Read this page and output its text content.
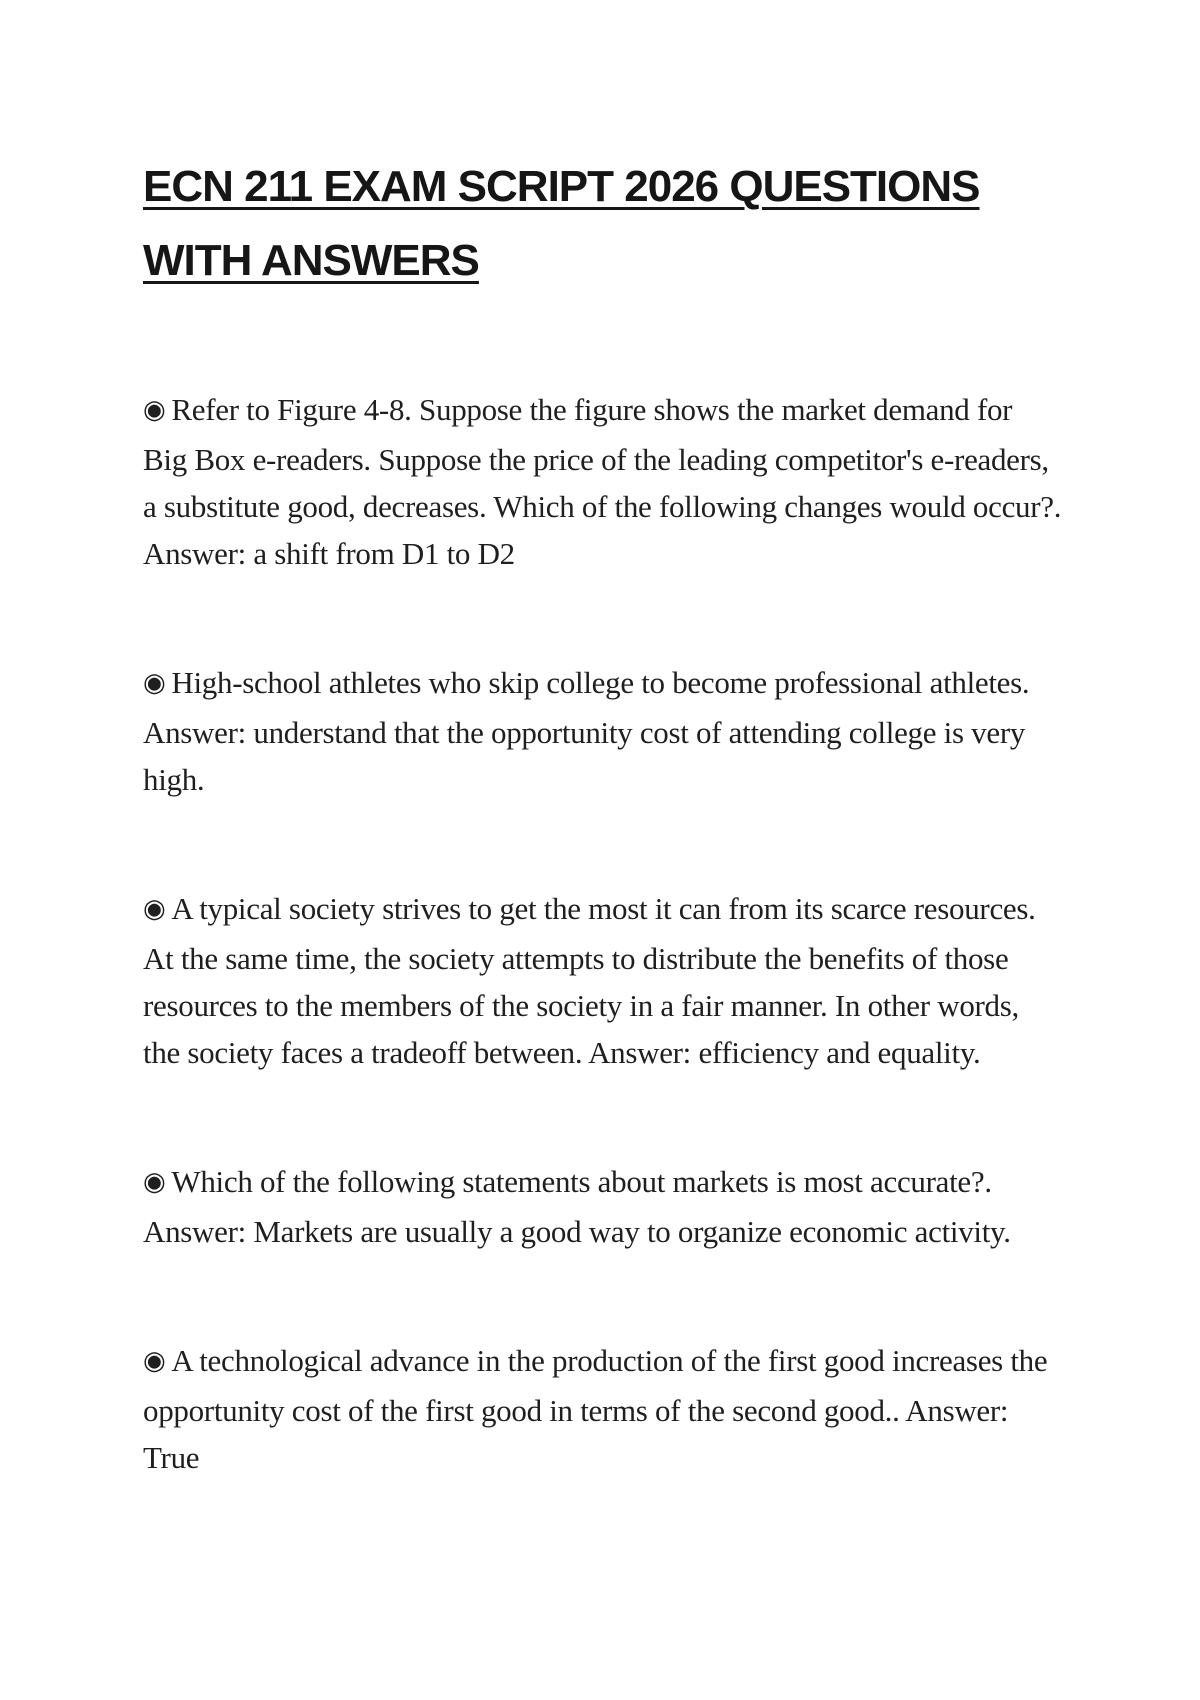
ECN 211 EXAM SCRIPT 2026 QUESTIONS WITH ANSWERS

◉ Refer to Figure 4-8. Suppose the figure shows the market demand for Big Box e-readers. Suppose the price of the leading competitor's e-readers, a substitute good, decreases. Which of the following changes would occur?. Answer: a shift from D1 to D2

◉ High-school athletes who skip college to become professional athletes. Answer: understand that the opportunity cost of attending college is very high.

◉ A typical society strives to get the most it can from its scarce resources. At the same time, the society attempts to distribute the benefits of those resources to the members of the society in a fair manner. In other words, the society faces a tradeoff between. Answer: efficiency and equality.

◉ Which of the following statements about markets is most accurate?. Answer: Markets are usually a good way to organize economic activity.

◉ A technological advance in the production of the first good increases the opportunity cost of the first good in terms of the second good.. Answer: True
